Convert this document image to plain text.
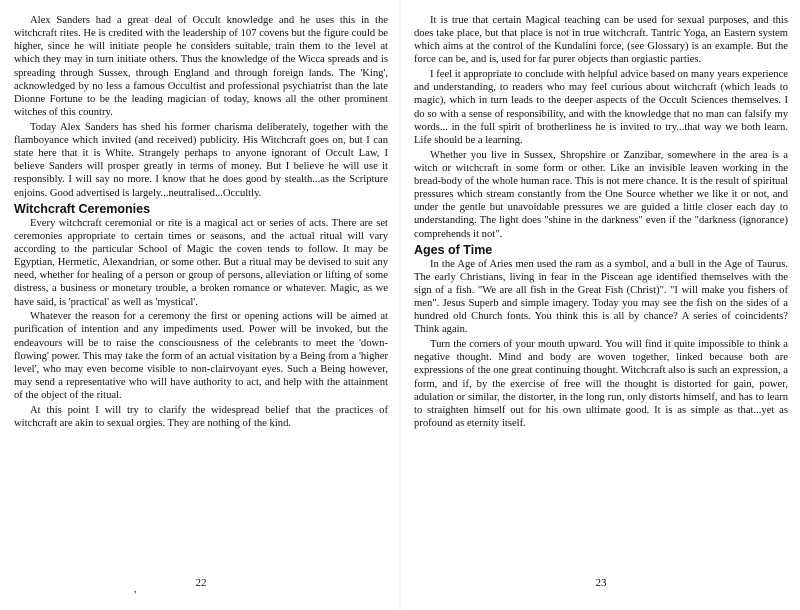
Alex Sanders had a great deal of Occult knowledge and he uses this in the witchcraft rites. He is credited with the leadership of 107 covens but the figure could be higher, since he will initiate people he considers suitable, train them to the level at which they may in turn initiate others. Thus the knowledge of the Wicca spreads and is spreading through Sussex, through England and through foreign lands. The 'King', acknowledged by no less a famous Occultist and professional psychiatrist than the late Dionne Fortune to be the leading magician of today, knows all the other prominent witches of this country.

Today Alex Sanders has shed his former charisma deliberately, together with the flamboyance which invited (and received) publicity. His Witchcraft goes on, but I can state here that it is White. Strangely perhaps to anyone ignorant of Occult Law, I believe Sanders will prosper greatly in terms of money. But I believe he will use it responsibly. I will say no more. I know that he does good by stealth...as the Scripture enjoins. Good advertised is largely...neutralised...Occultly.

Witchcraft Ceremonies

Every witchcraft ceremonial or rite is a magical act or series of acts. There are set ceremonies appropriate to certain times or seasons, and the actual ritual will vary according to the particular School of Magic the coven tends to follow. It may be Egyptian, Hermetic, Alexandrian, or some other. But a ritual may be devised to suit any need, whether for healing of a person or group of persons, alleviation or lifting of some distress, a business or monetary trouble, a broken romance or whatever. Magic, as we have said, is 'practical' as well as 'mystical'.

Whatever the reason for a ceremony the first or opening actions will be aimed at purification of intention and any impediments used. Power will be invoked, but the endeavours will be to raise the consciousness of the celebrants to meet the 'down-flowing' power. This may take the form of an actual visitation by a Being from a 'higher level', who may even become visible to non-clairvoyant eyes. Such a Being however, may send a representative who will have authority to act, and help with the attainment of the object of the ritual.

At this point I will try to clarify the widespread belief that the practices of witchcraft are akin to sexual orgies. They are nothing of the kind.

,
22

It is true that certain Magical teaching can be used for sexual purposes, and this does take place, but that place is not in true witchcraft. Tantric Yoga, an Eastern system which aims at the control of the Kundalini force, (see Glossary) is an example. But the force can be, and is, used for far purer objects than orgiastic parties.

I feel it appropriate to conclude with helpful advice based on many years experience and understanding, to readers who may feel curious about witchcraft (which leads to magic), which in turn leads to the deeper aspects of the Occult Sciences themselves. I do so with a sense of responsibility, and with the knowledge that no man can falsify my words... in the full spirit of brotherliness he is invited to try...that way we both learn. Life should be a learning.

Whether you live in Sussex, Shropshire or Zanzibar, somewhere in the area is a witch or witchcraft in some form or other. Like an invisible leaven working in the bread-body of the whole human race. This is not mere chance. It is the result of spiritual pressures which stream constantly from the One Source whether we like it or not, and under the gentle but unavoidable pressures we are guided a little closer each day to understanding. The light does "shine in the darkness" even if the "darkness (ignorance) comprehends it not".

Ages of Time

In the Age of Aries men used the ram as a symbol, and a bull in the Age of Taurus. The early Christians, living in fear in the Piscean age identified themselves with the sign of a fish. "We are all fish in the Great Fish (Christ)". "I will make you fishers of men". Jesus Superb and simple imagery. Today you may see the fish on the sides of a hundred old Church fonts. You think this is all by chance? A series of coincidents? Think again.

Turn the corners of your mouth upward. You will find it quite impossible to think a negative thought. Mind and body are woven together, linked because both are expressions of the one great continuing thought. Witchcraft also is such an expression, a form, and if, by the exercise of free will the thought is distorted for gain, power, adulation or similar, the distorter, in the long run, only distorts himself, and has to learn to straighten himself out for his own ultimate good. It is as simple as that...yet as profound as eternity itself.

23
